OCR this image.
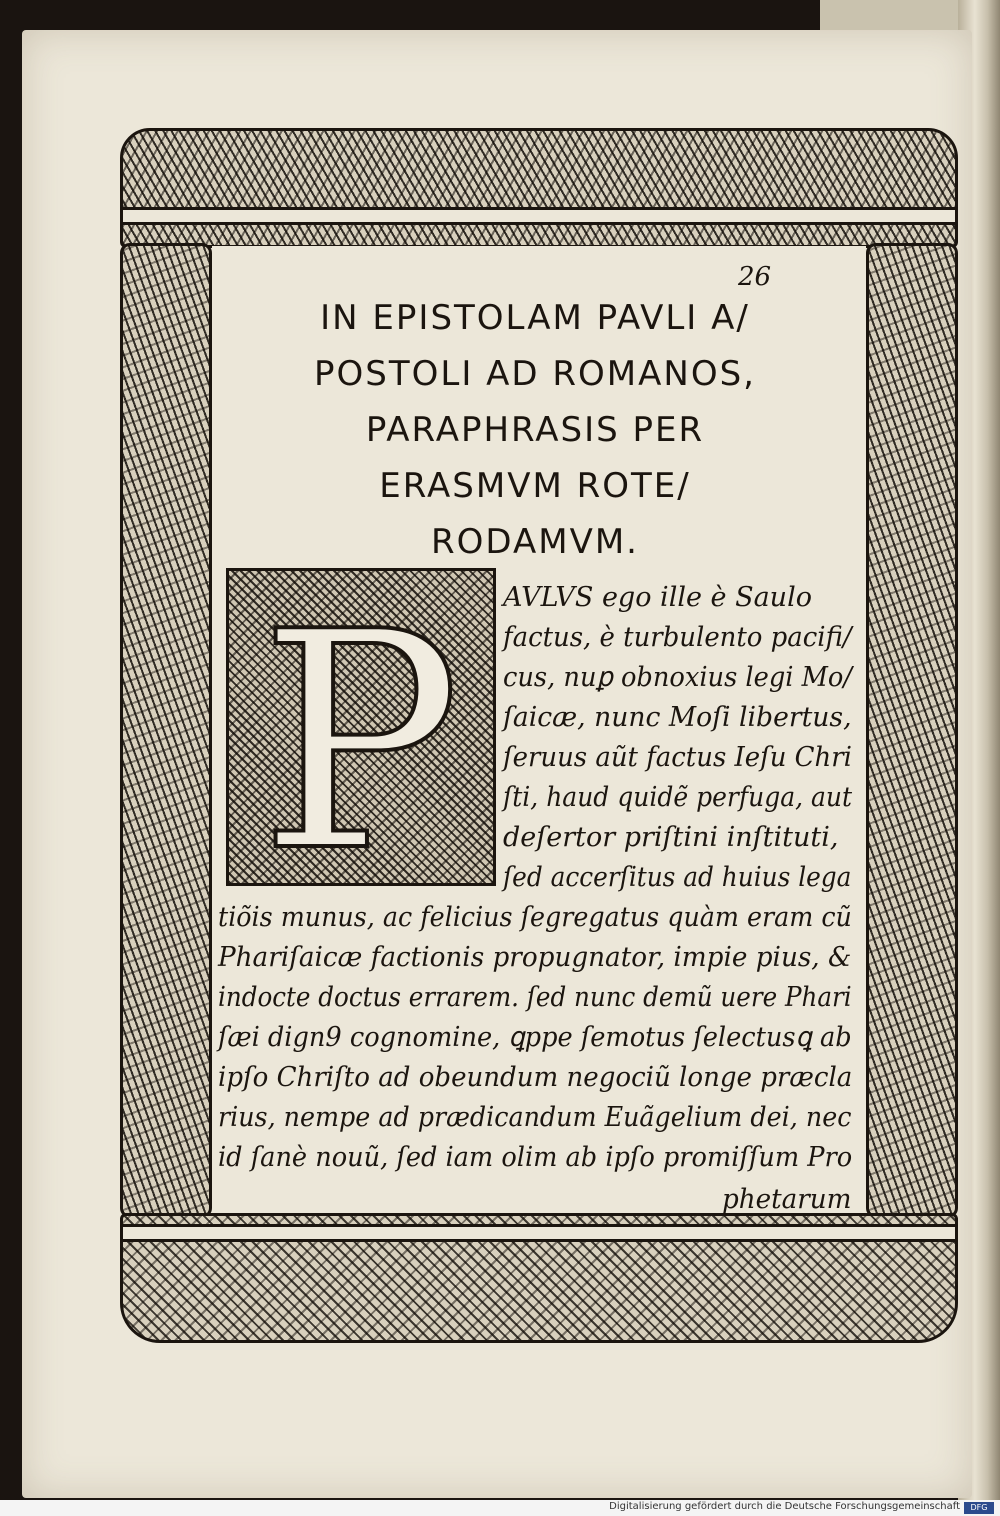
26
IN EPISTOLAM PAVLI A/
POSTOLI AD ROMANOS,
PARAPHRASIS PER
ERASMVM ROTE/
RODAMVM.
P AVLVS ego ille è Saulo
factus, è turbulento pacifi/
cus, nuꝑ obnoxius legi Mo/
ſaicæ, nunc Moſi libertus,
ſeruus aũt factus Ieſu Chri
ſti, haud quidẽ perfuga, aut
deſertor priſtini inſtituti,
ſed accerſitus ad huius lega
tiõis munus, ac felicius ſegregatus quàm eram cũ
Phariſaicæ factionis propugnator, impie pius, &
indocte doctus errarem. ſed nunc demũ uere Phari
ſæi dign9 cognomine, ꝗppe ſemotus ſelectusꝗ ab
ipſo Chriſto ad obeundum negociũ longe præcla
rius, nempe ad prædicandum Euãgelium dei, nec
id ſanè nouũ, ſed iam olim ab ipſo promiſſum Pro
phetarum
Digitalisierung gefördert durch die Deutsche Forschungsgemeinschaft	DFG
